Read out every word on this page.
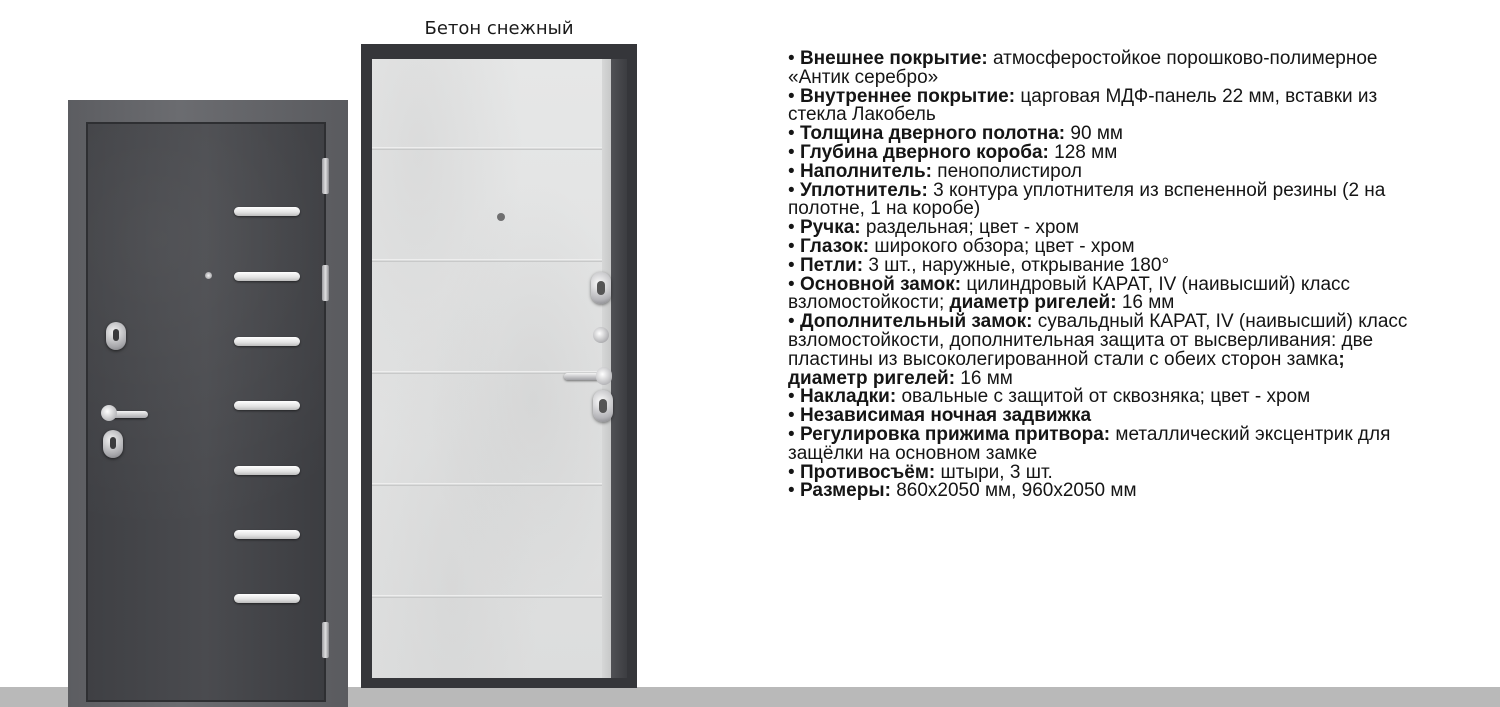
Бетон снежный
• Внешнее покрытие: атмосферостойкое порошково-полимерное «Антик серебро»
• Внутреннее покрытие: царговая МДФ-панель 22 мм, вставки из стекла Лакобель
• Толщина дверного полотна: 90 мм
• Глубина дверного короба: 128 мм
• Наполнитель: пенополистирол
• Уплотнитель: 3 контура уплотнителя из вспененной резины (2 на полотне, 1 на коробе)
• Ручка: раздельная; цвет - хром
• Глазок: широкого обзора; цвет - хром
• Петли: 3 шт., наружные, открывание 180°
• Основной замок: цилиндровый КАРАТ, IV (наивысший) класс взломостойкости; диаметр ригелей: 16 мм
• Дополнительный замок: сувальдный КАРАТ, IV (наивысший) класс взломостойкости, дополнительная защита от высверливания: две пластины из высоколегированной стали с обеих сторон замка; диаметр ригелей: 16 мм
• Накладки: овальные с защитой от сквозняка; цвет - хром
• Независимая ночная задвижка
• Регулировка прижима притвора: металлический эксцентрик для защёлки на основном замке
• Противосъём: штыри, 3 шт.
• Размеры: 860х2050 мм, 960х2050 мм
